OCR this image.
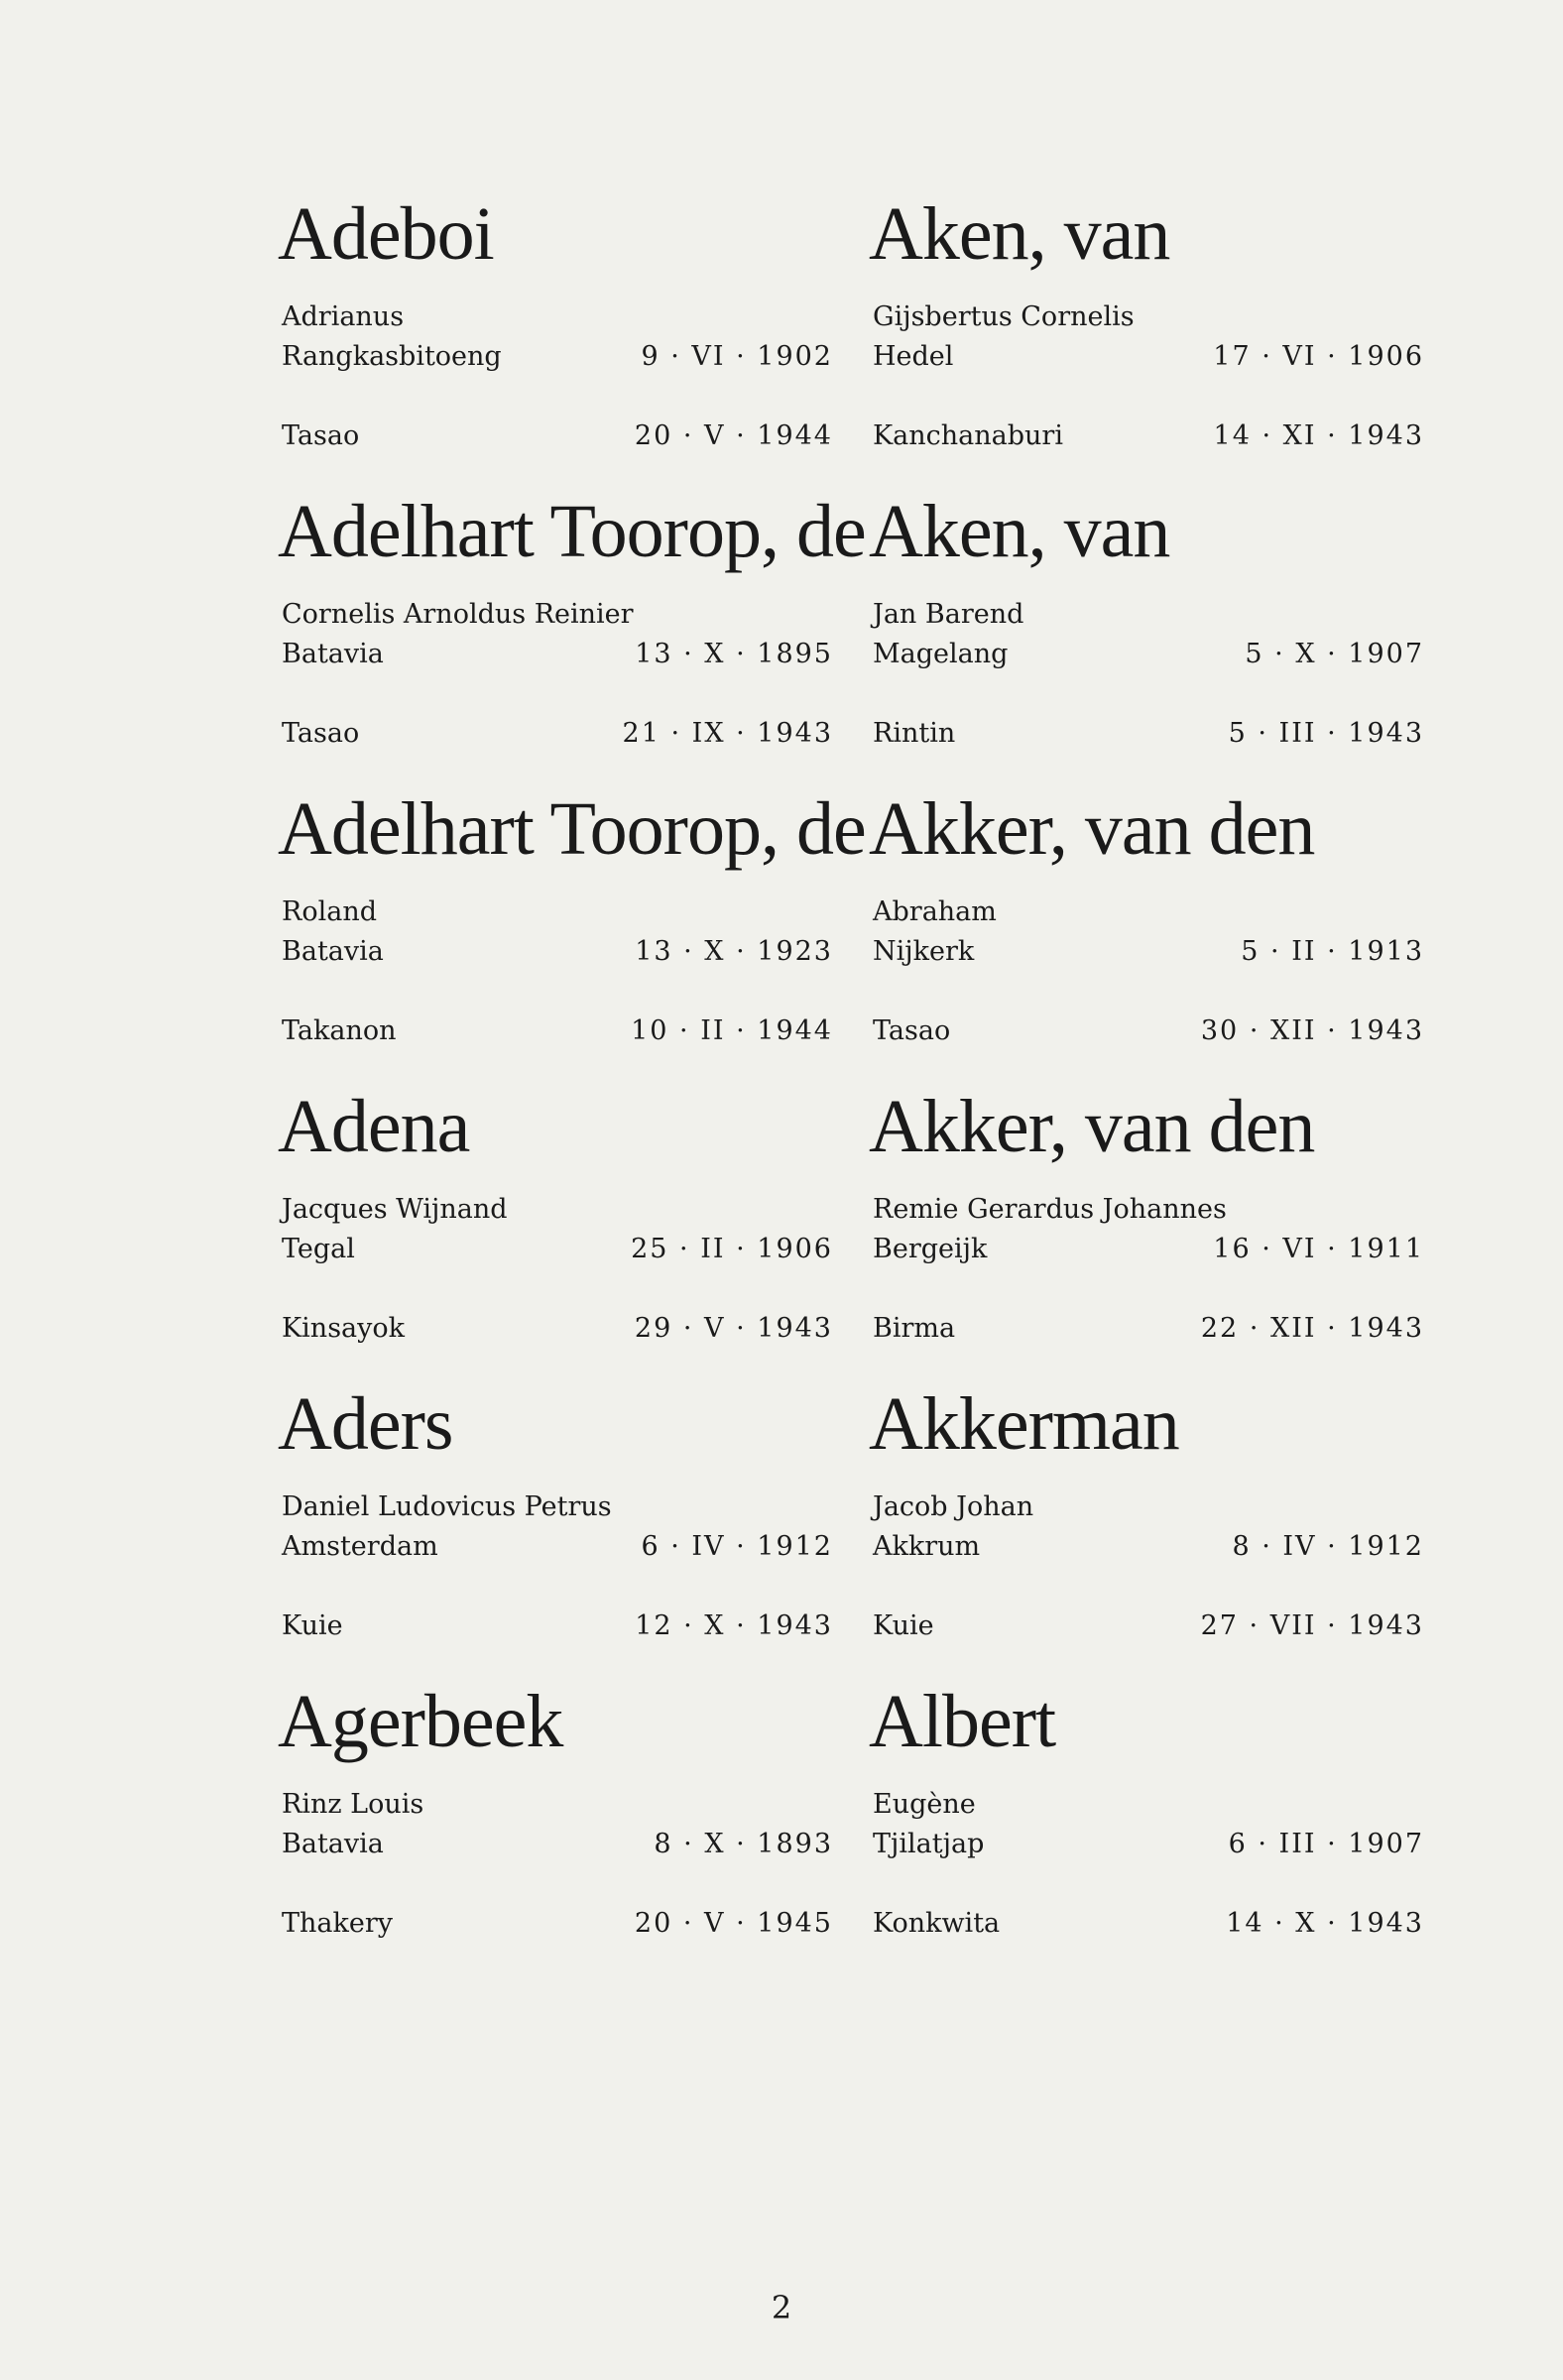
Adeboi
Adrianus
Rangkasbitoeng	9 · VI · 1902
Tasao	20 · V · 1944
Adelhart Toorop, de
Cornelis Arnoldus Reinier
Batavia	13 · X · 1895
Tasao	21 · IX · 1943
Adelhart Toorop, de
Roland
Batavia	13 · X · 1923
Takanon	10 · II · 1944
Adena
Jacques Wijnand
Tegal	25 · II · 1906
Kinsayok	29 · V · 1943
Aders
Daniel Ludovicus Petrus
Amsterdam	6 · IV · 1912
Kuie	12 · X · 1943
Agerbeek
Rinz Louis
Batavia	8 · X · 1893
Thakery	20 · V · 1945
Aken, van
Gijsbertus Cornelis
Hedel	17 · VI · 1906
Kanchanaburi	14 · XI · 1943
Aken, van
Jan Barend
Magelang	5 · X · 1907
Rintin	5 · III · 1943
Akker, van den
Abraham
Nijkerk	5 · II · 1913
Tasao	30 · XII · 1943
Akker, van den
Remie Gerardus Johannes
Bergeijk	16 · VI · 1911
Birma	22 · XII · 1943
Akkerman
Jacob Johan
Akkrum	8 · IV · 1912
Kuie	27 · VII · 1943
Albert
Eugène
Tjilatjap	6 · III · 1907
Konkwita	14 · X · 1943
2
